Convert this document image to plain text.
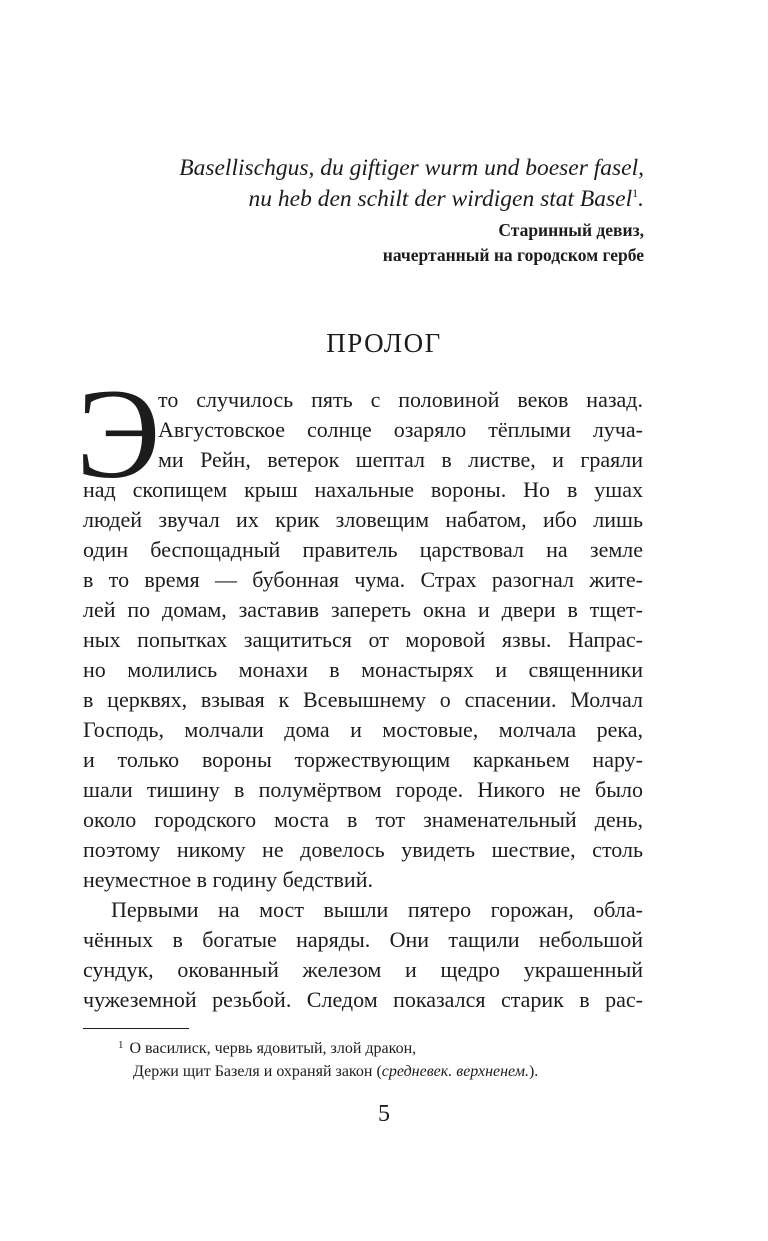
Basellischgus, du giftiger wurm und boeser fasel,
nu heb den schilt der wirdigen stat Basel$^1$.
Старинный девиз,
начертанный на городском гербе
ПРОЛОГ
Э
то случилось пять с половиной веков назад.
Августовское солнце озаряло тёплыми луча-
ми Рейн, ветерок шептал в листве, и граяли
над скопищем крыш нахальные вороны. Но в ушах
людей звучал их крик зловещим набатом, ибо лишь
один беспощадный правитель царствовал на земле
в то время — бубонная чума. Страх разогнал жите-
лей по домам, заставив запереть окна и двери в тщет-
ных попытках защититься от моровой язвы. Напрас-
но молились монахи в монастырях и священники
в церквях, взывая к Всевышнему о спасении. Молчал
Господь, молчали дома и мостовые, молчала река,
и только вороны торжествующим карканьем нару-
шали тишину в полумёртвом городе. Никого не было
около городского моста в тот знаменательный день,
поэтому никому не довелось увидеть шествие, столь
неуместное в годину бедствий.
Первыми на мост вышли пятеро горожан, обла-
чённых в богатые наряды. Они тащили небольшой
сундук, окованный железом и щедро украшенный
чужеземной резьбой. Следом показался старик в рас-
$^1$ О василиск, червь ядовитый, злой дракон,
Держи щит Базеля и охраняй закон (средневек. верхненем.).
5
